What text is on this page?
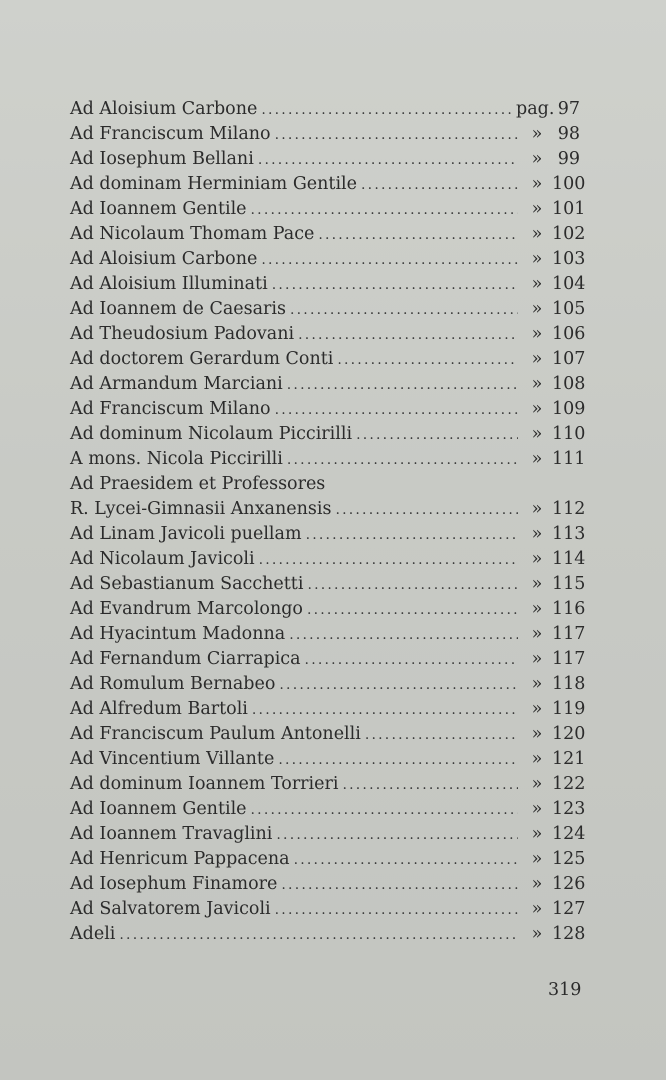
Ad Aloisium Carbone .....	pag. 97
Ad Franciscum Milano .....	» 98
Ad Iosephum Bellani .....	» 99
Ad dominam Herminiam Gentile .....	» 100
Ad Ioannem Gentile .....	» 101
Ad Nicolaum Thomam Pace .....	» 102
Ad Aloisium Carbone .....	» 103
Ad Aloisium Illuminati .....	» 104
Ad Ioannem de Caesaris .....	» 105
Ad Theudosium Padovani .....	» 106
Ad doctorem Gerardum Conti .....	» 107
Ad Armandum Marciani .....	» 108
Ad Franciscum Milano .....	» 109
Ad dominum Nicolaum Piccirilli .....	» 110
A mons. Nicola Piccirilli .....	» 111
Ad Praesidem et Professores
R. Lycei-Gimnasii Anxanensis .....	» 112
Ad Linam Javicoli puellam .....	» 113
Ad Nicolaum Javicoli .....	» 114
Ad Sebastianum Sacchetti .....	» 115
Ad Evandrum Marcolongo .....	» 116
Ad Hyacintum Madonna .....	» 117
Ad Fernandum Ciarrapica .....	» 117
Ad Romulum Bernabeo .....	» 118
Ad Alfredum Bartoli .....	» 119
Ad Franciscum Paulum Antonelli .....	» 120
Ad Vincentium Villante .....	» 121
Ad dominum Ioannem Torrieri .....	» 122
Ad Ioannem Gentile .....	» 123
Ad Ioannem Travaglini .....	» 124
Ad Henricum Pappacena .....	» 125
Ad Iosephum Finamore .....	» 126
Ad Salvatorem Javicoli .....	» 127
Adeli .....	» 128
319
